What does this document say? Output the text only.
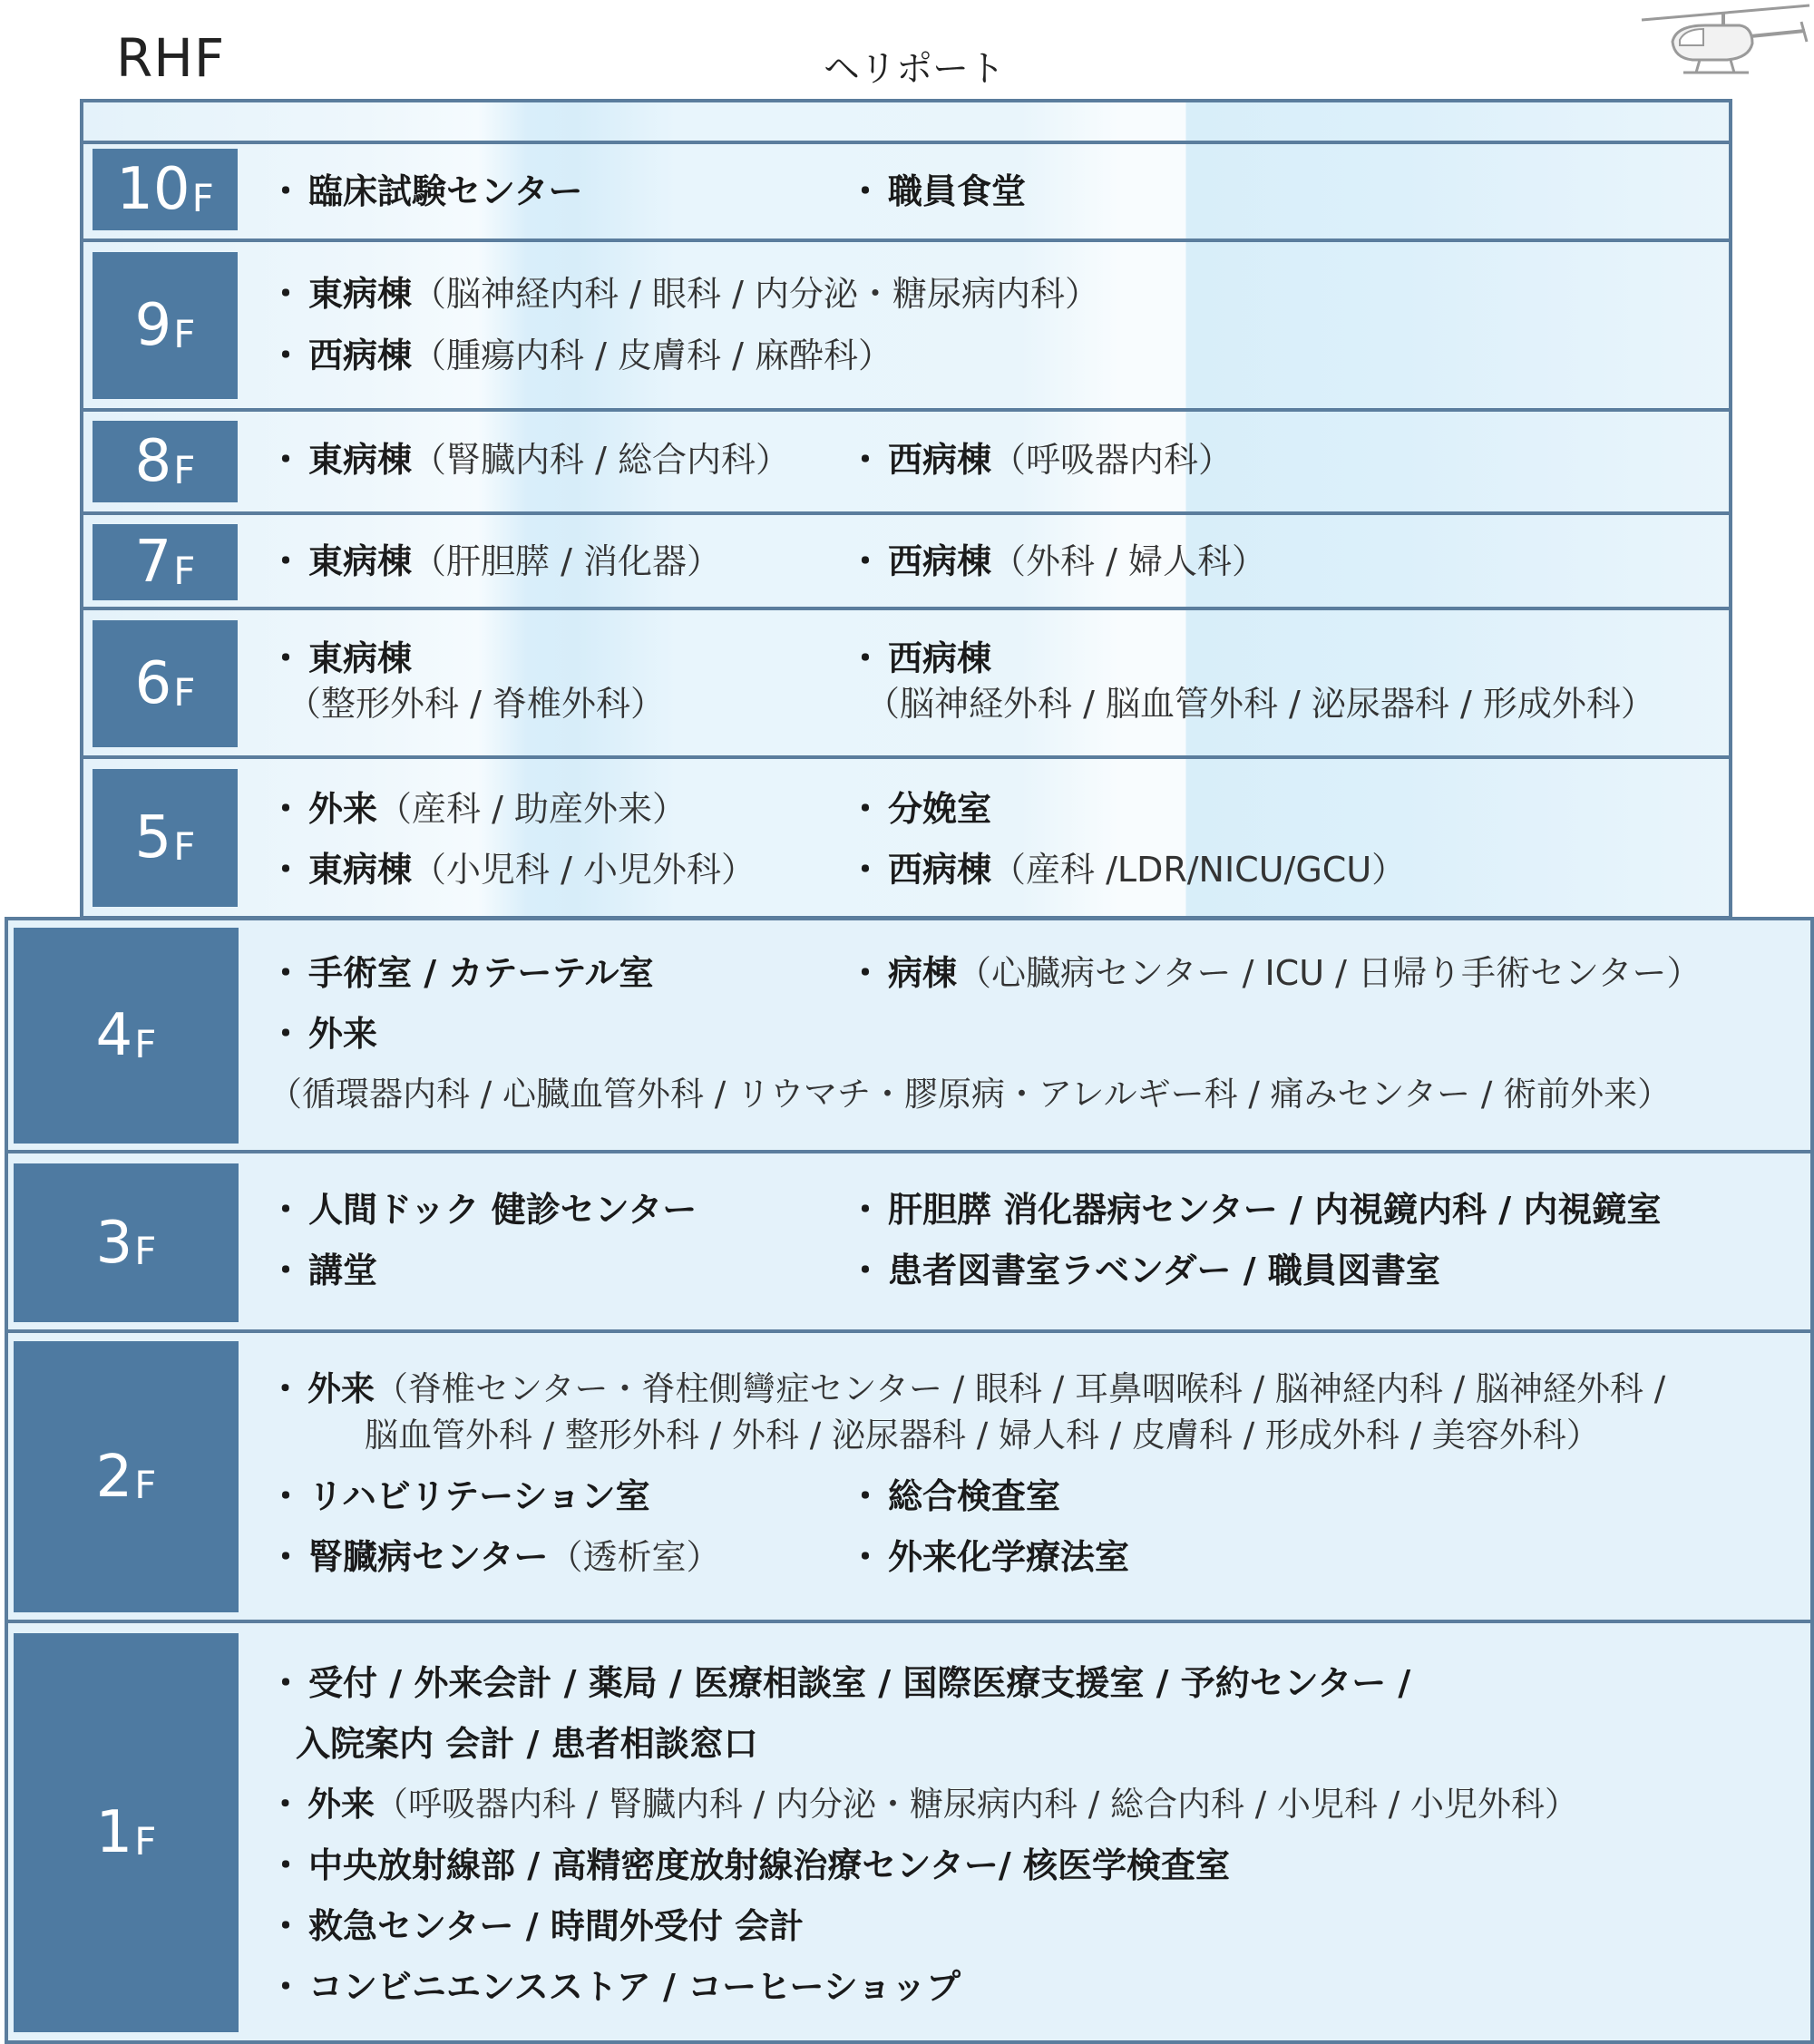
RHF	ヘリポート
10 F ・ 臨床試験センター	・ 職員食堂
9 F
・ 東病棟（脳神経内科 / 眼科 / 内分泌・糖尿病内科）
・ 西病棟（腫瘍内科 / 皮膚科 / 麻酔科）
8 F ・ 東病棟（腎臓内科 / 総合内科） ・ 西病棟（呼吸器内科）
7 F ・ 東病棟（肝胆膵 / 消化器）	・ 西病棟（外科 / 婦人科）
6 F
・ 東病棟
（整形外科 / 脊椎外科）
・ 西病棟
（脳神経外科 / 脳血管外科 / 泌尿器科 / 形成外科）
5 F
・ 外来（産科 / 助産外来）	・ 分娩室
・ 東病棟（小児科 / 小児外科）	・ 西病棟（産科 /LDR/NICU/GCU）
4 F
・ 手術室 / カテーテル室	・ 病棟（心臓病センター / ICU / 日帰り手術センター）
・ 外来
（循環器内科 / 心臓血管外科 / リウマチ・膠原病・アレルギー科 / 痛みセンター / 術前外来）
3 F
・ 人間ドック 健診センター	・ 肝胆膵 消化器病センター / 内視鏡内科 / 内視鏡室
・ 講堂	・ 患者図書室ラベンダー / 職員図書室
2 F
・ 外来（脊椎センター・脊柱側彎症センター / 眼科 / 耳鼻咽喉科 / 脳神経内科 / 脳神経外科 /
脳血管外科 / 整形外科 / 外科 / 泌尿器科 / 婦人科 / 皮膚科 / 形成外科 / 美容外科）
・ リハビリテーション室	・ 総合検査室
・ 腎臓病センター（透析室）	・ 外来化学療法室
1 F
・ 受付 / 外来会計 / 薬局 / 医療相談室 / 国際医療支援室 / 予約センター /
入院案内 会計 / 患者相談窓口
・ 外来（呼吸器内科 / 腎臓内科 / 内分泌・糖尿病内科 / 総合内科 / 小児科 / 小児外科）
・ 中央放射線部 / 高精密度放射線治療センター/ 核医学検査室
・ 救急センター / 時間外受付 会計
・ コンビニエンスストア / コーヒーショップ
